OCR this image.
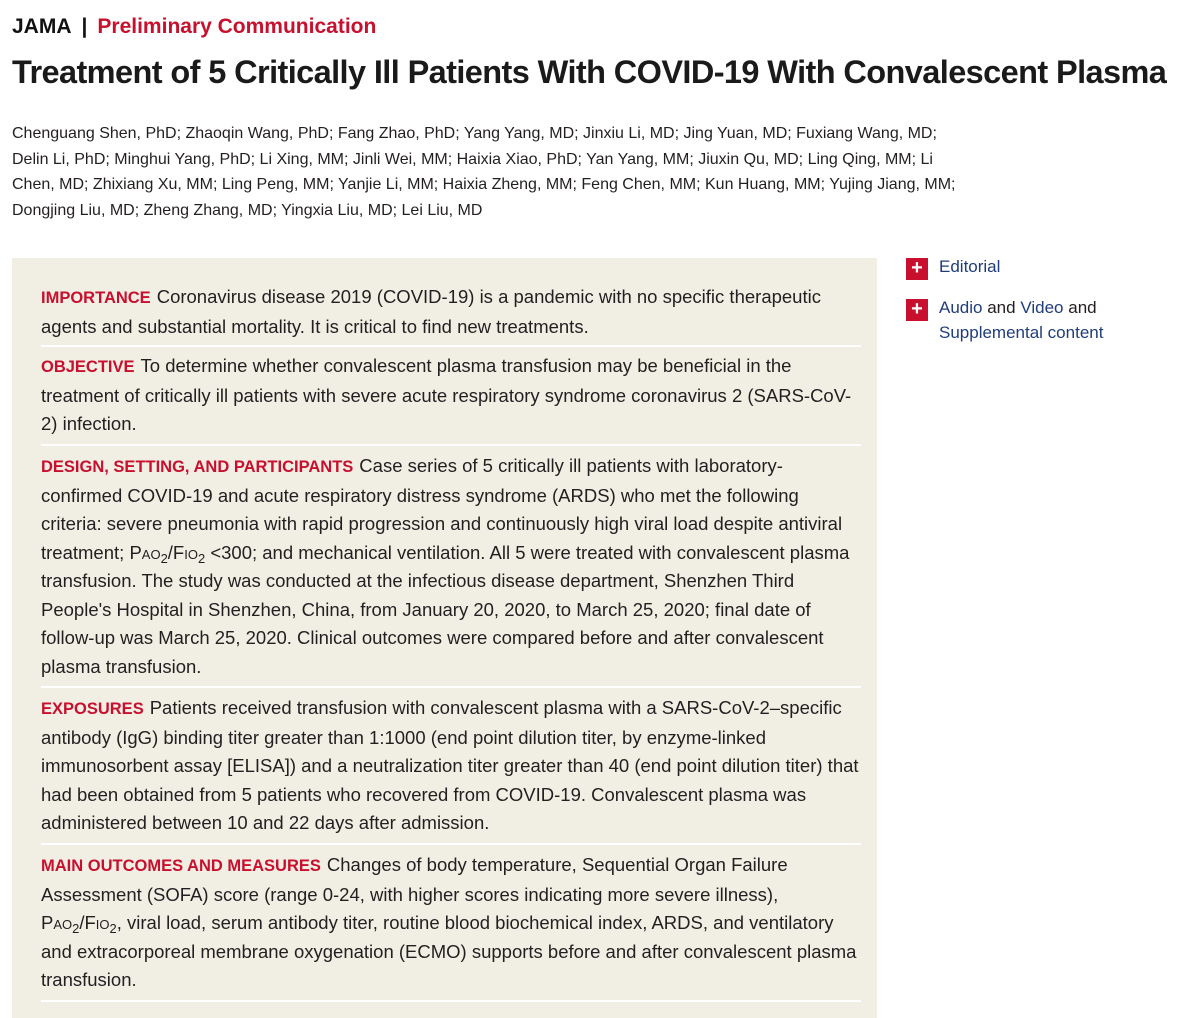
JAMA | Preliminary Communication
Treatment of 5 Critically Ill Patients With COVID-19 With Convalescent Plasma
Chenguang Shen, PhD; Zhaoqin Wang, PhD; Fang Zhao, PhD; Yang Yang, MD; Jinxiu Li, MD; Jing Yuan, MD; Fuxiang Wang, MD; Delin Li, PhD; Minghui Yang, PhD; Li Xing, MM; Jinli Wei, MM; Haixia Xiao, PhD; Yan Yang, MM; Jiuxin Qu, MD; Ling Qing, MM; Li Chen, MD; Zhixiang Xu, MM; Ling Peng, MM; Yanjie Li, MM; Haixia Zheng, MM; Feng Chen, MM; Kun Huang, MM; Yujing Jiang, MM; Dongjing Liu, MD; Zheng Zhang, MD; Yingxia Liu, MD; Lei Liu, MD
IMPORTANCE Coronavirus disease 2019 (COVID-19) is a pandemic with no specific therapeutic agents and substantial mortality. It is critical to find new treatments.
OBJECTIVE To determine whether convalescent plasma transfusion may be beneficial in the treatment of critically ill patients with severe acute respiratory syndrome coronavirus 2 (SARS-CoV-2) infection.
DESIGN, SETTING, AND PARTICIPANTS Case series of 5 critically ill patients with laboratory-confirmed COVID-19 and acute respiratory distress syndrome (ARDS) who met the following criteria: severe pneumonia with rapid progression and continuously high viral load despite antiviral treatment; Pao$_2$/Fio$_2$ <300; and mechanical ventilation. All 5 were treated with convalescent plasma transfusion. The study was conducted at the infectious disease department, Shenzhen Third People's Hospital in Shenzhen, China, from January 20, 2020, to March 25, 2020; final date of follow-up was March 25, 2020. Clinical outcomes were compared before and after convalescent plasma transfusion.
EXPOSURES Patients received transfusion with convalescent plasma with a SARS-CoV-2–specific antibody (IgG) binding titer greater than 1:1000 (end point dilution titer, by enzyme-linked immunosorbent assay [ELISA]) and a neutralization titer greater than 40 (end point dilution titer) that had been obtained from 5 patients who recovered from COVID-19. Convalescent plasma was administered between 10 and 22 days after admission.
MAIN OUTCOMES AND MEASURES Changes of body temperature, Sequential Organ Failure Assessment (SOFA) score (range 0-24, with higher scores indicating more severe illness), Pao$_2$/Fio$_2$, viral load, serum antibody titer, routine blood biochemical index, ARDS, and ventilatory and extracorporeal membrane oxygenation (ECMO) supports before and after convalescent plasma transfusion.
+ Editorial
+ Audio and Video and
Supplemental content
